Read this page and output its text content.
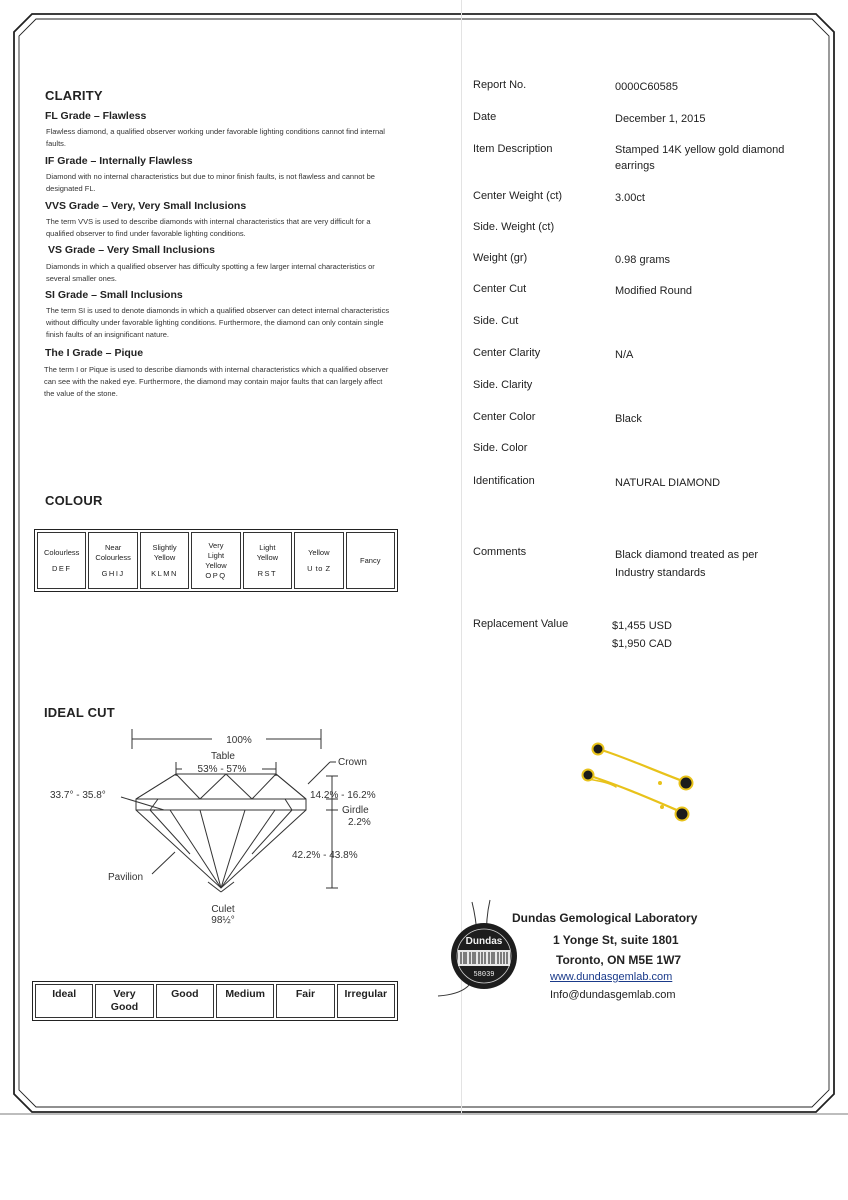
CLARITY
FL Grade – Flawless
Flawless diamond, a qualified observer working under favorable lighting conditions cannot find internal faults.
IF Grade – Internally Flawless
Diamond with no internal characteristics but due to minor finish faults, is not flawless and cannot be designated FL.
VVS Grade – Very, Very Small Inclusions
The term VVS is used to describe diamonds with internal characteristics that are very difficult for a qualified observer to find under favorable lighting conditions.
VS Grade – Very Small Inclusions
Diamonds in which a qualified observer has difficulty spotting a few larger internal characteristics or several smaller ones.
SI Grade – Small Inclusions
The term SI is used to denote diamonds in which a qualified observer can detect internal characteristics without difficulty under favorable lighting conditions. Furthermore, the diamond can only contain single finish faults of an insignificant nature.
The I Grade – Pique
The term I or Pique is used to describe diamonds with internal characteristics which a qualified observer can see with the naked eye. Furthermore, the diamond may contain major faults that can largely affect the value of the stone.
COLOUR
Colourless
DEF
Near
Colourless
GHIJ
Slightly
Yellow
KLMN
Very
Light
Yellow
OPQ
Light
Yellow
RST
Yellow
U to Z
Fancy
IDEAL CUT
100%
Table
53% - 57%
Crown
33.7° - 35.8°	14.2% - 16.2%
Girdle
2.2%
42.2% - 43.8%
Pavilion
Culet
98½°
Ideal	Very
Good
Good	Medium	Fair	Irregular
Report No.	0000C60585
Date	December 1, 2015
Item Description	Stamped 14K yellow gold diamond earrings
Center Weight (ct)	3.00ct
Side. Weight (ct)
Weight (gr)	0.98 grams
Center Cut	Modified Round
Side. Cut
Center Clarity	N/A
Side. Clarity
Center Color	Black
Side. Color
Identification	NATURAL DIAMOND
Comments	Black diamond treated as per Industry standards
Replacement Value	$1,455 USD
$1,950 CAD
Dundas
58039
Dundas Gemological Laboratory
1 Yonge St, suite 1801
Toronto, ON M5E 1W7
www.dundasgemlab.com
Info@dundasgemlab.com
